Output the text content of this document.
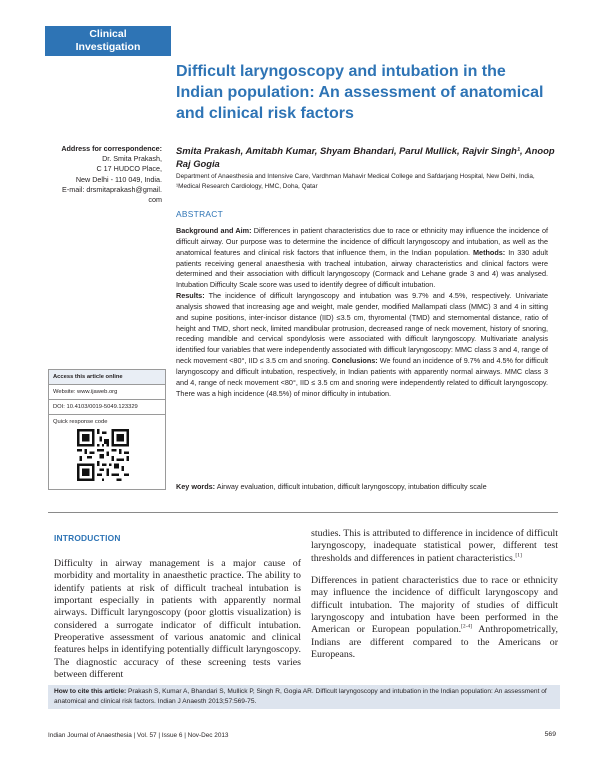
Clinical
Investigation
Difficult laryngoscopy and intubation in the Indian population: An assessment of anatomical and clinical risk factors
Address for correspondence:
Dr. Smita Prakash,
C 17 HUDCO Place,
New Delhi - 110 049, India.
E-mail: drsmitaprakash@gmail.
com
Smita Prakash, Amitabh Kumar, Shyam Bhandari, Parul Mullick, Rajvir Singh¹, Anoop Raj Gogia
Department of Anaesthesia and Intensive Care, Vardhman Mahavir Medical College and Safdarjang Hospital, New Delhi, India, ¹Medical Research Cardiology, HMC, Doha, Qatar
ABSTRACT
Background and Aim: Differences in patient characteristics due to race or ethnicity may influence the incidence of difficult airway. Our purpose was to determine the incidence of difficult laryngoscopy and intubation, as well as the anatomical features and clinical risk factors that influence them, in the Indian population. Methods: In 330 adult patients receiving general anaesthesia with tracheal intubation, airway characteristics and clinical factors were determined and their association with difficult laryngoscopy (Cormack and Lehane grade 3 and 4) was analysed. Intubation Difficulty Scale score was used to identify degree of difficult intubation.
Results: The incidence of difficult laryngoscopy and intubation was 9.7% and 4.5%, respectively. Univariate analysis showed that increasing age and weight, male gender, modified Mallampati class (MMC) 3 and 4 in sitting and supine positions, inter-incisor distance (IID) ≤3.5 cm, thyromental (TMD) and sternomental distance, ratio of height and TMD, short neck, limited mandibular protrusion, decreased range of neck movement, history of snoring, receding mandible and cervical spondylosis were associated with difficult laryngoscopy. Multivariate analysis identified four variables that were independently associated with difficult laryngoscopy: MMC class 3 and 4, range of neck movement <80°, IID ≤ 3.5 cm and snoring. Conclusions: We found an incidence of 9.7% and 4.5% for difficult laryngoscopy and difficult intubation, respectively, in Indian patients with apparently normal airways. MMC class 3 and 4, range of neck movement <80°, IID ≤ 3.5 cm and snoring were independently related to difficult laryngoscopy. There was a high incidence (48.5%) of minor difficulty in intubation.
Key words: Airway evaluation, difficult intubation, difficult laryngoscopy, intubation difficulty scale
Access this article online
Website: www.ijaweb.org
DOI: 10.4103/0019-5049.123329
Quick response code
INTRODUCTION

Difficulty in airway management is a major cause of morbidity and mortality in anaesthetic practice. The ability to identify patients at risk of difficult tracheal intubation is important especially in patients with apparently normal airways. Difficult laryngoscopy (poor glottis visualization) is considered a surrogate indicator of difficult intubation. Preoperative assessment of various anatomic and clinical features helps in identifying potentially difficult laryngoscopy. The diagnostic accuracy of these screening tests varies between different

studies. This is attributed to difference in incidence of difficult laryngoscopy, inadequate statistical power, different test thresholds and differences in patient characteristics.[1]

Differences in patient characteristics due to race or ethnicity may influence the incidence of difficult laryngoscopy and difficult intubation. The majority of studies of difficult laryngoscopy and intubation have been performed in the American or European population.[2-4] Anthropometrically, Indians are different compared to the Americans or Europeans.

How to cite this article: Prakash S, Kumar A, Bhandari S, Mullick P, Singh R, Gogia AR. Difficult laryngoscopy and intubation in the Indian population: An assessment of anatomical and clinical risk factors. Indian J Anaesth 2013;57:569-75.
Indian Journal of Anaesthesia | Vol. 57 | Issue 6 | Nov-Dec 2013	569
